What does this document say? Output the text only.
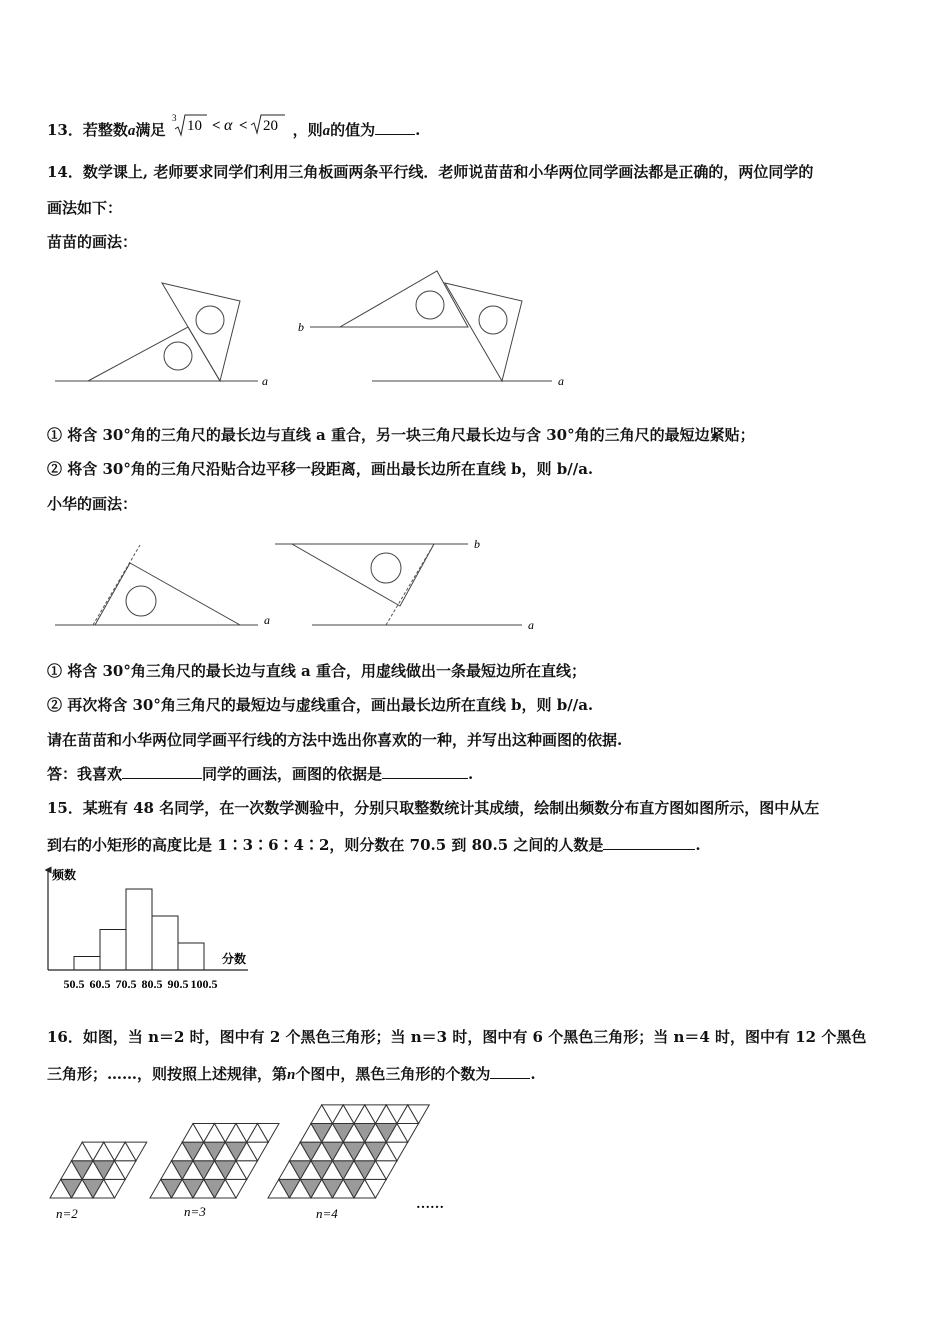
13．若整数a满足
3 10 < α < 20 ，则a的值为	.
14．数学课上, 老师要求同学们利用三角板画两条平行线．老师说苗苗和小华两位同学画法都是正确的，两位同学的
画法如下：
苗苗的画法：
a
b
a
① 将含 30°角的三角尺的最长边与直线 a 重合，另一块三角尺最长边与含 30°角的三角尺的最短边紧贴；
② 将含 30°角的三角尺沿贴合边平移一段距离，画出最长边所在直线 b，则 b//a.
小华的画法：
a
b
a
① 将含 30°角三角尺的最长边与直线 a 重合，用虚线做出一条最短边所在直线；
② 再次将含 30°角三角尺的最短边与虚线重合，画出最长边所在直线 b，则 b//a.
请在苗苗和小华两位同学画平行线的方法中选出你喜欢的一种，并写出这种画图的依据.
答：我喜欢	同学的画法，画图的依据是	.
15．某班有 48 名同学，在一次数学测验中，分别只取整数统计其成绩，绘制出频数分布直方图如图所示，图中从左
到右的小矩形的高度比是 1∶3∶6∶4∶2，则分数在 70.5 到 80.5 之间的人数是	.
频数
分数
50.5 60.5 70.5 80.5 90.5 100.5
16．如图，当 n＝2 时，图中有 2 个黑色三角形；当 n＝3 时，图中有 6 个黑色三角形；当 n＝4 时，图中有 12 个黑色
三角形；……，则按照上述规律，第n个图中，黑色三角形的个数为	.
n=2	n=3	n=4
……
